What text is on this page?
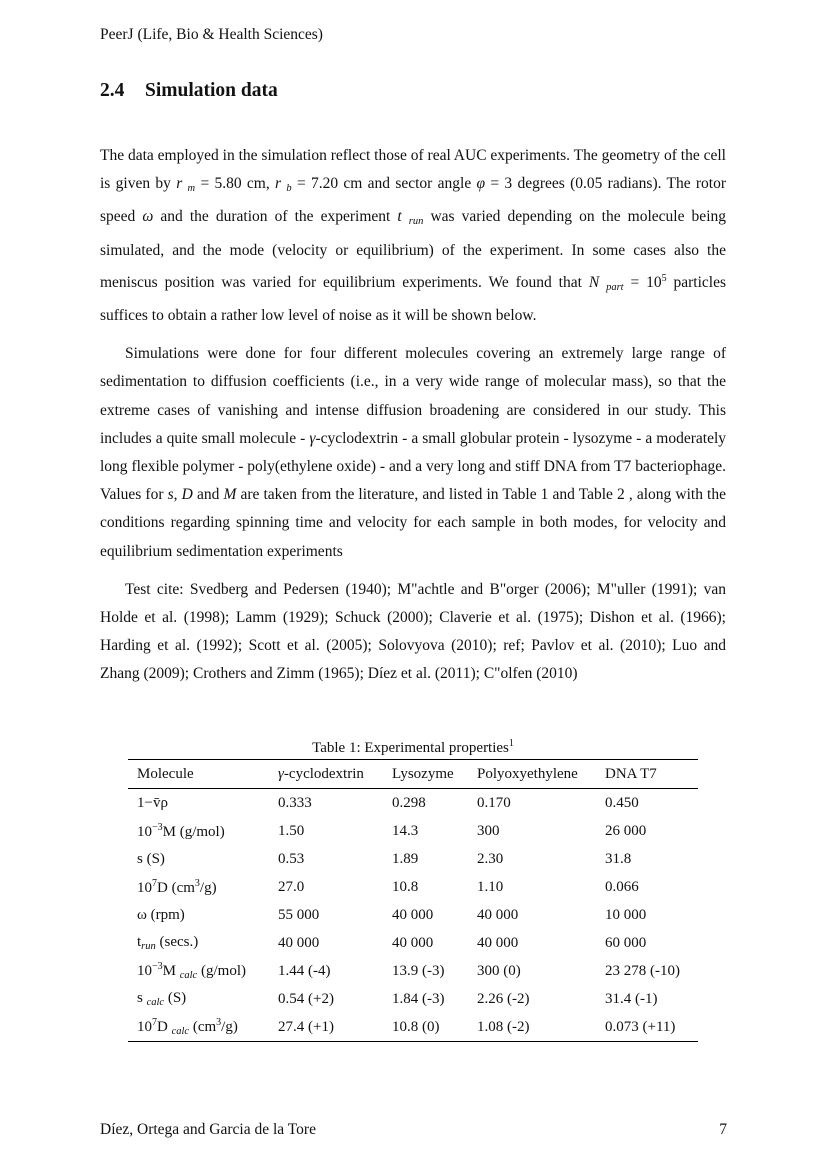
PeerJ (Life, Bio & Health Sciences)
2.4 Simulation data

The data employed in the simulation reflect those of real AUC experiments. The geometry of the cell is given by r $_m$ = 5.80 cm, r $_b$ = 7.20 cm and sector angle φ = 3 degrees (0.05 radians). The rotor speed ω and the duration of the experiment t $_{run}$ was varied depending on the molecule being simulated, and the mode (velocity or equilibrium) of the experiment. In some cases also the meniscus position was varied for equilibrium experiments. We found that N $_{part} = 10^5$ particles suffices to obtain a rather low level of noise as it will be shown below.

Simulations were done for four different molecules covering an extremely large range of sedimentation to diffusion coefficients (i.e., in a very wide range of molecular mass), so that the extreme cases of vanishing and intense diffusion broadening are considered in our study. This includes a quite small molecule - γ-cyclodextrin - a small globular protein - lysozyme - a moderately long flexible polymer - poly(ethylene oxide) - and a very long and stiff DNA from T7 bacteriophage. Values for s, D and M are taken from the literature, and listed in Table 1 and Table 2 , along with the conditions regarding spinning time and velocity for each sample in both modes, for velocity and equilibrium sedimentation experiments

Test cite: Svedberg and Pedersen (1940); M"achtle and B"orger (2006); M"uller (1991); van Holde et al. (1998); Lamm (1929); Schuck (2000); Claverie et al. (1975); Dishon et al. (1966); Harding et al. (1992); Scott et al. (2005); Solovyova (2010); ref; Pavlov et al. (2010); Luo and Zhang (2009); Crothers and Zimm (1965); Díez et al. (2011); C"olfen (2010)

Table 1: Experimental properties$^1$
Molecule	γ-cyclodextrin	Lysozyme	Polyoxyethylene	DNA T7
1−v̄ρ	0.333	0.298	0.170	0.450
$10^{-3}M$ (g/mol)	1.50	14.3	300	26 000
s (S)	0.53	1.89	2.30	31.8
$10^7D$ $(cm^3/g)$	27.0	10.8	1.10	0.066
ω (rpm)	55 000	40 000	40 000	10 000
$t_{run}$ (secs.)	40 000	40 000	40 000	60 000
$10^{-3}M$ $_{calc}$ (g/mol)	1.44 (-4)	13.9 (-3)	300 (0)	23 278 (-10)
s $_{calc}$ (S)	0.54 (+2)	1.84 (-3)	2.26 (-2)	31.4 (-1)
$10^7D$ $_{calc}$ $(cm^3/g)$	27.4 (+1)	10.8 (0)	1.08 (-2)	0.073 (+11)
Díez, Ortega and Garcia de la Tore	7
